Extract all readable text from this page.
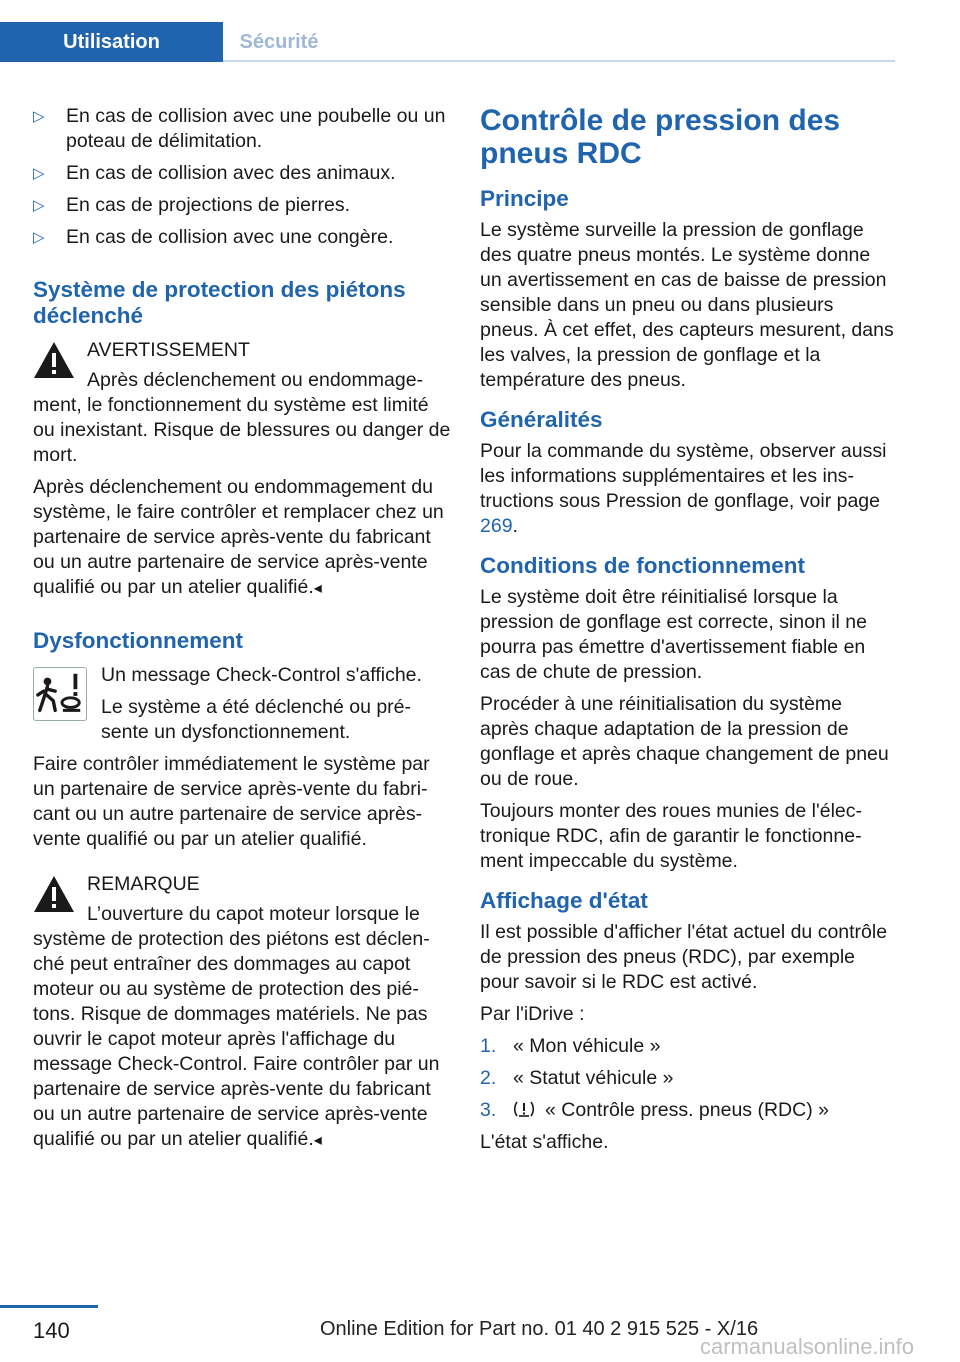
Utilisation	Sécurité
▷ En cas de collision avec une poubelle ou un poteau de délimitation.
▷ En cas de collision avec des animaux.
▷ En cas de projections de pierres.
▷ En cas de collision avec une congère.
Système de protection des piétons déclenché

AVERTISSEMENT

Après déclenchement ou endommagement, le fonctionnement du système est limité ou inexistant. Risque de blessures ou danger de mort.

Après déclenchement ou endommagement du système, le faire contrôler et remplacer chez un partenaire de service après-vente du fabricant ou un autre partenaire de service après-vente qualifié ou par un atelier qualifié.◂

Dysfonctionnement

Un message Check-Control s'affiche.

Le système a été déclenché ou présente un dysfonctionnement.

Faire contrôler immédiatement le système par un partenaire de service après-vente du fabricant ou un autre partenaire de service après-vente qualifié ou par un atelier qualifié.

REMARQUE

L’ouverture du capot moteur lorsque le système de protection des piétons est déclenché peut entraîner des dommages au capot moteur ou au système de protection des piétons. Risque de dommages matériels. Ne pas ouvrir le capot moteur après l'affichage du message Check-Control. Faire contrôler par un partenaire de service après-vente du fabricant ou un autre partenaire de service après-vente qualifié ou par un atelier qualifié.◂

Contrôle de pression des pneus RDC
Principe

Le système surveille la pression de gonflage des quatre pneus montés. Le système donne un avertissement en cas de baisse de pression sensible dans un pneu ou dans plusieurs pneus. À cet effet, des capteurs mesurent, dans les valves, la pression de gonflage et la température des pneus.

Généralités

Pour la commande du système, observer aussi les informations supplémentaires et les instructions sous Pression de gonflage, voir page 269.

Conditions de fonctionnement

Le système doit être réinitialisé lorsque la pression de gonflage est correcte, sinon il ne pourra pas émettre d'avertissement fiable en cas de chute de pression.

Procéder à une réinitialisation du système après chaque adaptation de la pression de gonflage et après chaque changement de pneu ou de roue.

Toujours monter des roues munies de l'électronique RDC, afin de garantir le fonctionnement impeccable du système.

Affichage d'état

Il est possible d'afficher l'état actuel du contrôle de pression des pneus (RDC), par exemple pour savoir si le RDC est activé.

Par l'iDrive :

1. « Mon véhicule »
2. « Statut véhicule »
3. « Contrôle press. pneus (RDC) »

L'état s'affiche.

140	Online Edition for Part no. 01 40 2 915 525 - X/16
carmanualsonline.info
